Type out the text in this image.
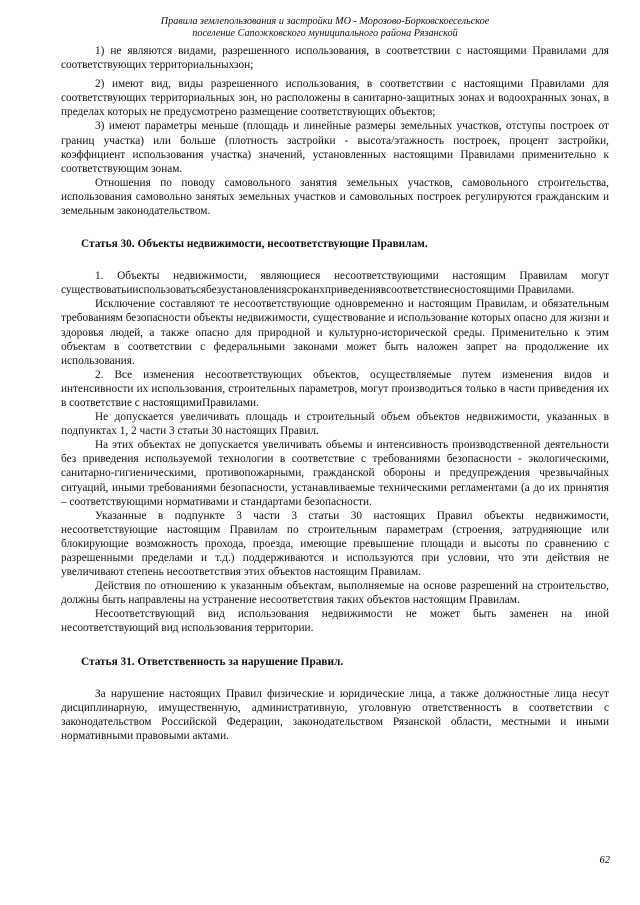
Правила землепользования и застройки МО - Морозово-Борковскоесельское
поселение Сапожковского муниципального района Рязанской

1) не являются видами, разрешенного использования, в соответствии с настоящими Правилами для соответствующих территориальныхзон;

2) имеют вид, виды разрешенного использования, в соответствии с настоящими Правилами для соответствующих территориальных зон, но расположены в санитарно-защитных зонах и водоохранных зонах, в пределах которых не предусмотрено размещение соответствующих объектов;

3) имеют параметры меньше (площадь и линейные размеры земельных участков, отступы построек от границ участка) или больше (плотность застройки - высота/этажность построек, процент застройки, коэффициент использования участка) значений, установленных настоящими Правилами применительно к соответствующим зонам.

Отношения по поводу самовольного занятия земельных участков, самовольного строительства, использования самовольно занятых земельных участков и самовольных построек регулируются гражданским и земельным законодательством.

Статья 30. Объекты недвижимости, несоответствующие Правилам.

1. Объекты недвижимости, являющиеся несоответствующими настоящим Правилам могут существоватьииспользоватьсябезустановлениясроканхприведениявсоответствиесностоящими Правилами.

Исключение составляют те несоответствующие одновременно и настоящим Правилам, и обязательным требованиям безопасности объекты недвижимости, существование и использование которых опасно для жизни и здоровья людей, а также опасно для природной и культурно-исторической среды. Применительно к этим объектам в соответствии с федеральными законами может быть наложен запрет на продолжение их использования.

2. Все изменения несоответствующих объектов, осуществляемые путем изменения видов и интенсивности их использования, строительных параметров, могут производиться только в части приведения их в соответствие с настоящимиПравилами.

Не допускается увеличивать площадь и строительный объем объектов недвижимости, указанных в подпунктах 1, 2 части 3 статьи 30 настоящих Правил.

На этих объектах не допускается увеличивать объемы и интенсивность производственной деятельности без приведения используемой технологии в соответствие с требованиями безопасности - экологическими, санитарно-гигиеническими, противопожарными, гражданской обороны и предупреждения чрезвычайных ситуаций, иными требованиями безопасности, устанавливаемые техническими регламентами (а до их принятия – соответствующими нормативами и стандартами безопасности.

Указанные в подпункте 3 части 3 статьи 30 настоящих Правил объекты недвижимости, несоответствующие настоящим Правилам по строительным параметрам (строения, затрудняющие или блокирующие возможность прохода, проезда, имеющие превышение площади и высоты по сравнению с разрешенными пределами и т.д.) поддерживаются и используются при условии, что эти действия не увеличивают степень несоответствия этих объектов настоящим Правилам.

Действия по отношению к указанным объектам, выполняемые на основе разрешений на строительство, должны быть направлены на устранение несоответствия таких объектов настоящим Правилам.

Несоответствующий вид использования недвижимости не может быть заменен на иной несоответствующий вид использования территории.

Статья 31. Ответственность за нарушение Правил.

За нарушение настоящих Правил физические и юридические лица, а также должностные лица несут дисциплинарную, имущественную, административную, уголовную ответственность в соответствии с законодательством Российской Федерации, законодательством Рязанской области, местными и иными нормативными правовыми актами.

62
